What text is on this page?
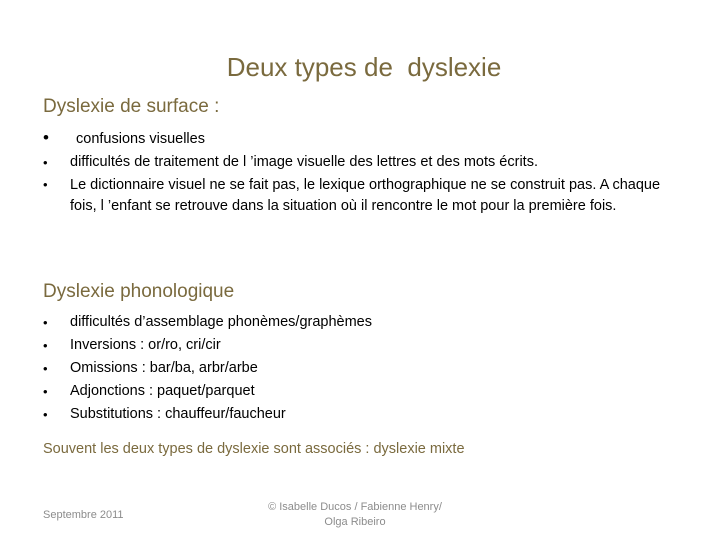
Deux types de  dyslexie
Dyslexie de surface :
• confusions visuelles
• difficultés de traitement de l ’image visuelle des lettres et des mots écrits.
• Le dictionnaire visuel ne se fait pas, le lexique orthographique ne se construit pas. A chaque fois, l ’enfant se retrouve dans la situation où il rencontre le mot pour la première fois.
Dyslexie phonologique
• difficultés d’assemblage phonèmes/graphèmes
• Inversions : or/ro, cri/cir
• Omissions : bar/ba, arbr/arbe
• Adjonctions : paquet/parquet
• Substitutions : chauffeur/faucheur
Souvent les deux types de dyslexie sont associés : dyslexie mixte
Septembre 2011
© Isabelle Ducos / Fabienne Henry/
Olga Ribeiro
